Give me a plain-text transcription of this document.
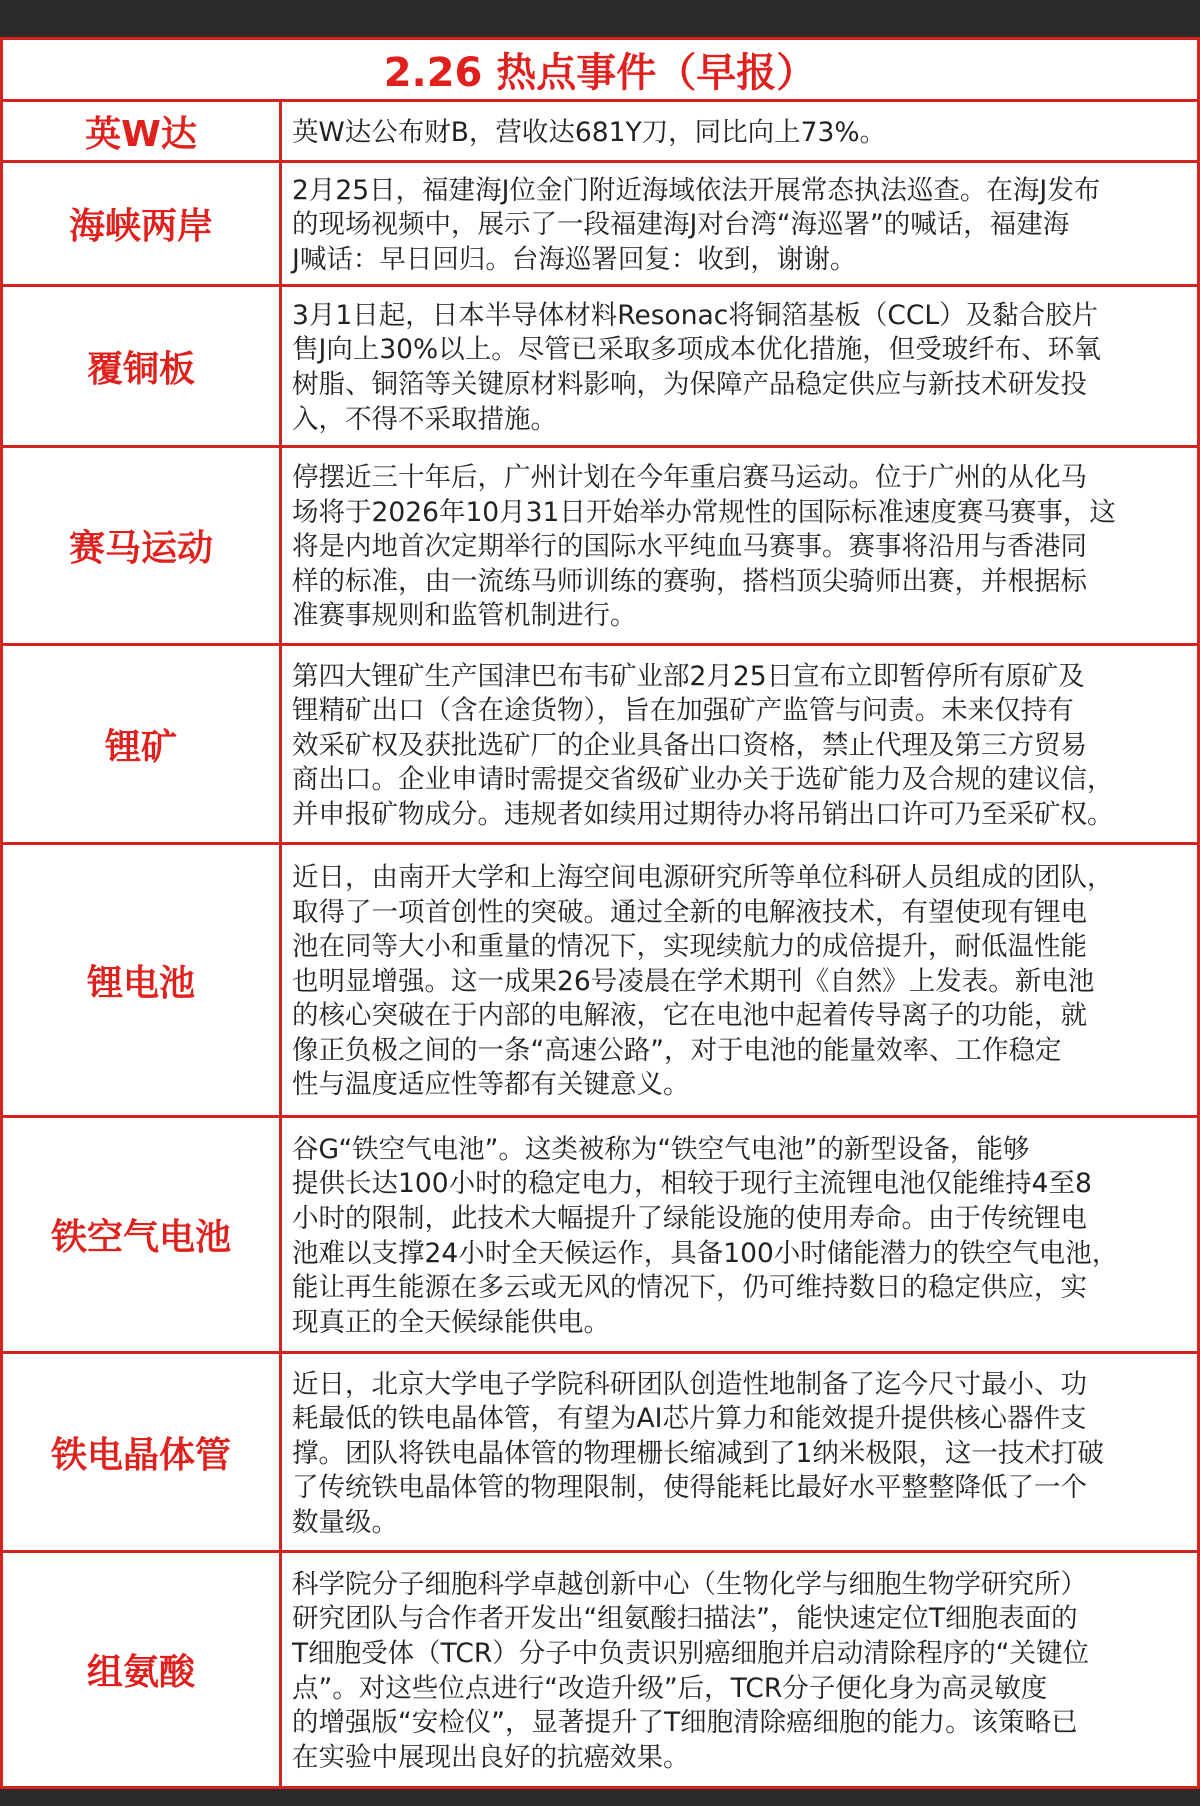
2.26 热点事件（早报）
英W达	英W达公布财B，营收达681Y刀，同比向上73%。
海峡两岸
2月25日，福建海J位金门附近海域依法开展常态执法巡查。在海J发布
的现场视频中，展示了一段福建海J对台湾“海巡署”的喊话，福建海
J喊话：早日回归。台海巡署回复：收到，谢谢。
覆铜板
3月1日起，日本半导体材料Resonac将铜箔基板（CCL）及黏合胶片
售J向上30%以上。尽管已采取多项成本优化措施，但受玻纤布、环氧
树脂、铜箔等关键原材料影响，为保障产品稳定供应与新技术研发投
入，不得不采取措施。
赛马运动
停摆近三十年后，广州计划在今年重启赛马运动。位于广州的从化马
场将于2026年10月31日开始举办常规性的国际标准速度赛马赛事，这
将是内地首次定期举行的国际水平纯血马赛事。赛事将沿用与香港同
样的标准，由一流练马师训练的赛驹，搭档顶尖骑师出赛，并根据标
准赛事规则和监管机制进行。
锂矿
第四大锂矿生产国津巴布韦矿业部2月25日宣布立即暂停所有原矿及
锂精矿出口（含在途货物），旨在加强矿产监管与问责。未来仅持有
效采矿权及获批选矿厂的企业具备出口资格，禁止代理及第三方贸易
商出口。企业申请时需提交省级矿业办关于选矿能力及合规的建议信，
并申报矿物成分。违规者如续用过期待办将吊销出口许可乃至采矿权。
锂电池
近日，由南开大学和上海空间电源研究所等单位科研人员组成的团队，
取得了一项首创性的突破。通过全新的电解液技术，有望使现有锂电
池在同等大小和重量的情况下，实现续航力的成倍提升，耐低温性能
也明显增强。这一成果26号凌晨在学术期刊《自然》上发表。新电池
的核心突破在于内部的电解液，它在电池中起着传导离子的功能，就
像正负极之间的一条“高速公路”，对于电池的能量效率、工作稳定
性与温度适应性等都有关键意义。
铁空气电池
谷G“铁空气电池”。这类被称为“铁空气电池”的新型设备，能够
提供长达100小时的稳定电力，相较于现行主流锂电池仅能维持4至8
小时的限制，此技术大幅提升了绿能设施的使用寿命。由于传统锂电
池难以支撑24小时全天候运作，具备100小时储能潜力的铁空气电池，
能让再生能源在多云或无风的情况下，仍可维持数日的稳定供应，实
现真正的全天候绿能供电。
铁电晶体管
近日，北京大学电子学院科研团队创造性地制备了迄今尺寸最小、功
耗最低的铁电晶体管，有望为AI芯片算力和能效提升提供核心器件支
撑。团队将铁电晶体管的物理栅长缩减到了1纳米极限，这一技术打破
了传统铁电晶体管的物理限制，使得能耗比最好水平整整降低了一个
数量级。
组氨酸
科学院分子细胞科学卓越创新中心（生物化学与细胞生物学研究所）
研究团队与合作者开发出“组氨酸扫描法”，能快速定位T细胞表面的
T细胞受体（TCR）分子中负责识别癌细胞并启动清除程序的“关键位
点”。对这些位点进行“改造升级”后，TCR分子便化身为高灵敏度
的增强版“安检仪”，显著提升了T细胞清除癌细胞的能力。该策略已
在实验中展现出良好的抗癌效果。
